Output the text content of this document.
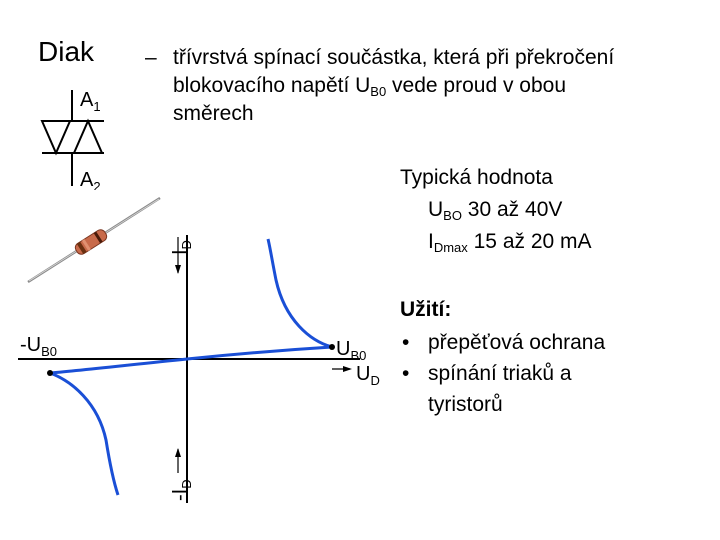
Diak – třívrstvá spínací součástka, která při překročení
blokovacího napětí $U_{B0}$ vede proud v obou
směrech
$A_1$
$A_2$
$I_D$
$-I_D$
$U_D$
$U_{B0}$
$-U_{B0}$
Typická hodnota
$U_{BO}$ 30 až 40V
$I_{Dmax}$ 15 až 20 mA
Užití:
• přepěťová ochrana
• spínání triaků a
tyristorů
